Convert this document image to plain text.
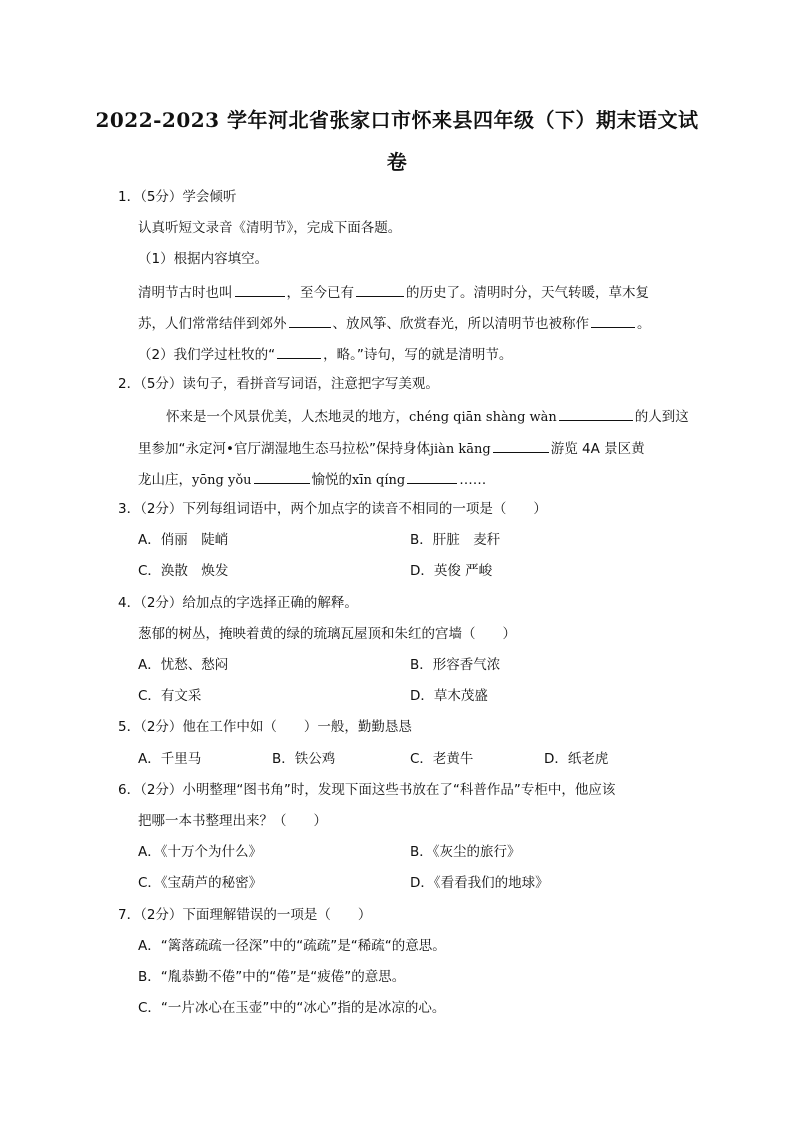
2022-2023 学年河北省张家口市怀来县四年级（下）期末语文试
卷
1．（5分）学会倾听
认真听短文录音《清明节》，完成下面各题。
（1）根据内容填空。
清明节古时也叫	，至今已有	的历史了。清明时分，天气转暖，草木复
苏，人们常常结伴到郊外	、放风筝、欣赏春光，所以清明节也被称作	。
（2）我们学过杜牧的“	，略。”诗句，写的就是清明节。
2．（5分）读句子，看拼音写词语，注意把字写美观。
怀来是一个风景优美，人杰地灵的地方，chéng qiān shàng wàn	的人到这
里参加“永定河•官厅湖湿地生态马拉松”保持身体jiàn kāng	游览 4A 景区黄
龙山庄，yōng yǒu	愉悦的xīn qíng	……
3．（2分）下列每组词语中，两个加点字的读音不相同的一项是（　　）
A．俏丽　陡峭	B．肝脏　麦秆
C．涣散　焕发	D．英俊 严峻
4．（2分）给加点的字选择正确的解释。
葱郁的树丛，掩映着黄的绿的琉璃瓦屋顶和朱红的宫墙（　　）
A．忧愁、愁闷	B．形容香气浓
C．有文采	D．草木茂盛
5．（2分）他在工作中如（　　）一般，勤勤恳恳
A．千里马	B．铁公鸡	C．老黄牛	D．纸老虎
6．（2分）小明整理“图书角”时，发现下面这些书放在了“科普作品”专柜中，他应该
把哪一本书整理出来？（　　）
A．《十万个为什么》	B．《灰尘的旅行》
C．《宝葫芦的秘密》	D．《看看我们的地球》
7．（2分）下面理解错误的一项是（　　）
A．“篱落疏疏一径深”中的“疏疏”是“稀疏“的意思。
B．“胤恭勤不倦”中的“倦”是“疲倦”的意思。
C．“一片冰心在玉壶”中的“冰心”指的是冰凉的心。
